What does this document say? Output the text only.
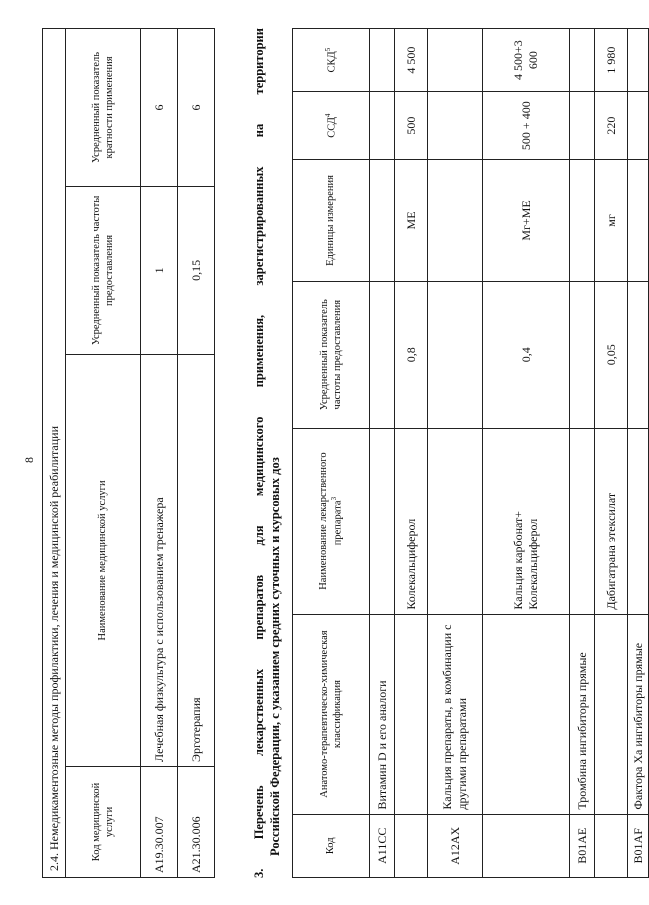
8 2.4. Немедикаментозные методы профилактики, лечения и медицинской реабилитации			
Код медицинской услуги	Наименование медицинской услуги	Усредненный показатель частоты предоставления	Усредненный показатель кратности применения
A19.30.007	Лечебная физкультура с использованием тренажера	1	6
A21.30.006	Эрготерапия	0,15	6
3.
Перечень
лекарственных
препаратов
для
медицинского
применения,
зарегистрированных
на
территории
Российской Федерации, с указанием средних суточных и курсовых доз	Код	Анатомо-терапевтическо-химическая классификация	Наименование лекарственного препарата$^3$	Усредненный показатель частоты предоставления	Единицы измерения	ССД$^4$	СКД$^5$
A11CC	Витамин D и его аналоги					
		Колекальциферол	0,8	МЕ	500	4 500
A12AX	Кальция препараты, в комбинации с другими препаратами					
		Кальция карбонат+ Колекальциферол	0,4	Мг+МЕ	500 + 400	4 500+3 600
B01AE	Тромбина ингибиторы прямые					
		Дабигатрана этексилат	0,05	мг	220	1 980
B01AF	Фактора Xa ингибиторы прямые					
